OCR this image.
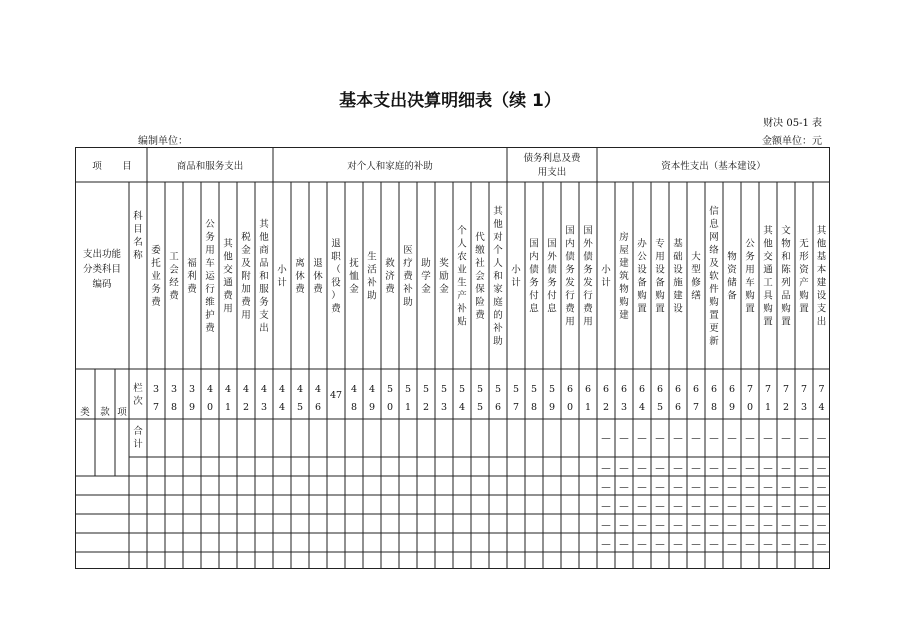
基本支出决算明细表（续 1）
财决 05-1 表
编制单位：	金额单位：元
项 目
支出功能
分类科目
编码
科
目
名
称
类 款 项
栏
次
合
计
商品和服务支出	对个人和家庭的补助
债务利息及费
用支出
资本性支出（基本建设）
委
托
业
务
费
3
7
工
会
经
费
3
8
福
利
费
3
9
公
务
用
车
运
行
维
护
费
4
0
其
他
交
通
费
用
4
1
税
金
及
附
加
费
用
4
2
其
他
商
品
和
服
务
支
出
4
3
小
计
4
4
离
休
费
4
5
退
休
费
4
6
退
职
（
役
）
费
47
抚
恤
金
4
8
生
活
补
助
4
9
救
济
费
5
0
医
疗
费
补
助
5
1
助
学
金
5
2
奖
励
金
5
3
个
人
农
业
生
产
补
贴
5
4
代
缴
社
会
保
险
费
5
5
其
他
对
个
人
和
家
庭
的
补
助
5
6
小
计
5
7
国
内
债
务
付
息
5
8
国
外
债
务
付
息
5
9
国
内
债
务
发
行
费
用
6
0
国
外
债
务
发
行
费
用
6
1
小
计
6
2
房
屋
建
筑
物
购
建
6
3
办
公
设
备
购
置
6
4
专
用
设
备
购
置
6
5
基
础
设
施
建
设
6
6
大
型
修
缮
6
7
信
息
网
络
及
软
件
购
置
更
新
6
8
物
资
储
备
6
9
公
务
用
车
购
置
7
0
其
他
交
通
工
具
购
置
7
1
文
物
和
陈
列
品
购
置
7
2
无
形
资
产
购
置
7
3
其
他
基
本
建
设
支
出
7
4
— — — — — — — — — — — — —
— — — — — — — — — — — — —
— — — — — — — — — — — — —
— — — — — — — — — — — — —
— — — — — — — — — — — — —
— — — — — — — — — — — — —
